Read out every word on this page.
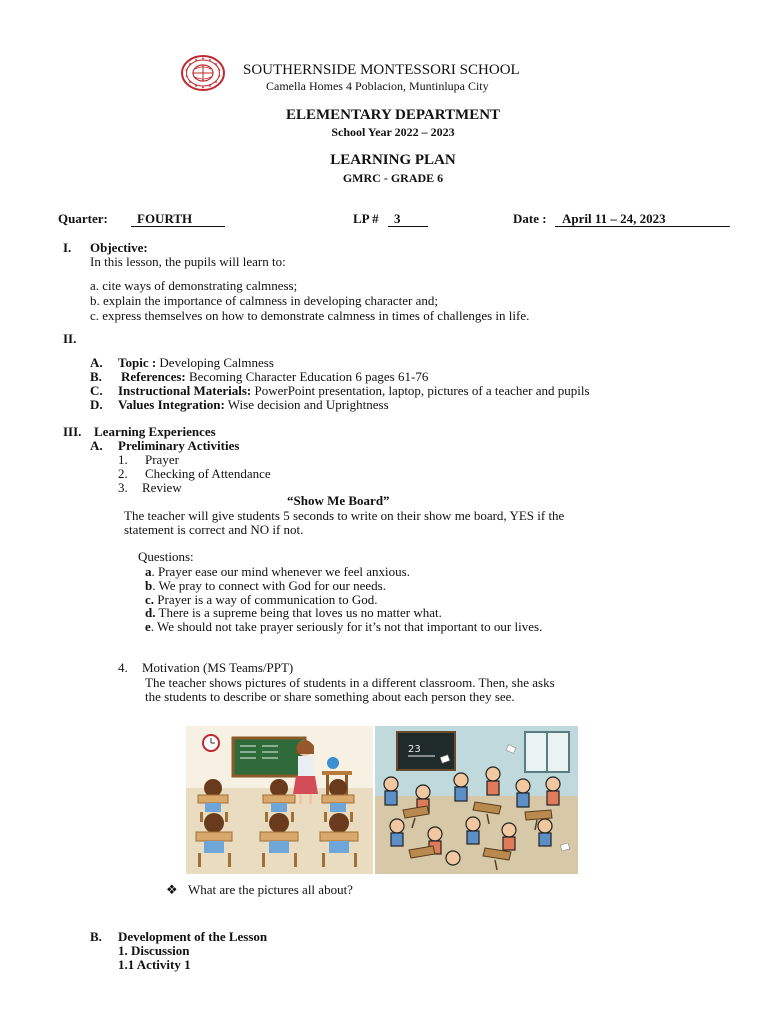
SOUTHERNSIDE MONTESSORI SCHOOL
Camella Homes 4 Poblacion, Muntinlupa City
ELEMENTARY DEPARTMENT
School Year 2022 – 2023
LEARNING PLAN
GMRC - GRADE 6
Quarter:	FOURTH	LP #	3	Date :	April 11 – 24, 2023
I. Objective:
In this lesson, the pupils will learn to:
a. cite ways of demonstrating calmness;
b. explain the importance of calmness in developing character and;
c. express themselves on how to demonstrate calmness in times of challenges in life.
II.
A. Topic : Developing Calmness
B. References: Becoming Character Education 6 pages 61-76
C. Instructional Materials: PowerPoint presentation, laptop, pictures of a teacher and pupils
D. Values Integration: Wise decision and Uprightness
III. Learning Experiences
A. Preliminary Activities
1. Prayer
2. Checking of Attendance
3. Review
“Show Me Board”
The teacher will give students 5 seconds to write on their show me board, YES if the
statement is correct and NO if not.
Questions:
a. Prayer ease our mind whenever we feel anxious.
b. We pray to connect with God for our needs.
c. Prayer is a way of communication to God.
d. There is a supreme being that loves us no matter what.
e. We should not take prayer seriously for it’s not that important to our lives.
4. Motivation (MS Teams/PPT)
The teacher shows pictures of students in a different classroom. Then, she asks
the students to describe or share something about each person they see.
23
❖ What are the pictures all about?
B. Development of the Lesson
1. Discussion
1.1 Activity 1
